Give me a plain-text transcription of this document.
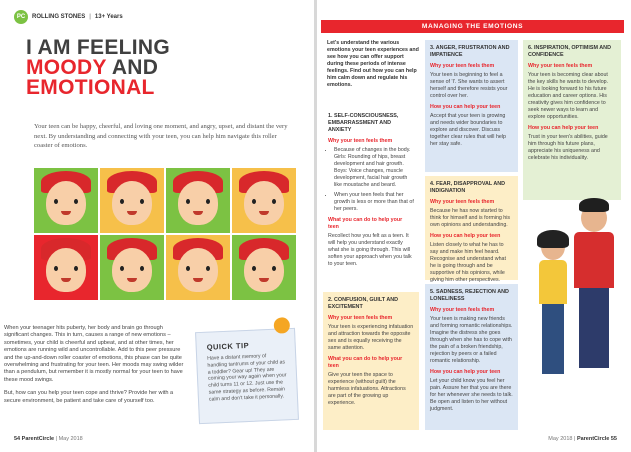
PC	ROLLING STONES | 13+ Years
I AM FEELING
MOODY AND
EMOTIONAL

Your teen can be happy, cheerful, and loving one moment, and angry, upset, and distant the very next. By understanding and connecting with your teen, you can help him navigate this roller coaster of emotions.

When your teenager hits puberty, her body and brain go through significant changes. This in turn, causes a range of new emotions – sometimes, your child is cheerful and upbeat, and at other times, her emotions are running wild and uncontrollable. Add to this peer pressure and the up-and-down roller coaster of emotions, this phase can be quite overwhelming and frustrating for your teen. Her moods may swing wilder than a pendulum, but remember it is mostly normal for your teen to have these mood swings.

But, how can you help your teen cope and thrive? Provide her with a secure environment, be patient and take care of yourself too.

QUICK TIP

Have a distant memory of handling tantrums of your child as a toddler? Gear up! They are coming your way again when your child turns 11 or 12. Just use the same strategy as before. Remain calm and don't take it personally.

54 ParentCircle | May 2018
MANAGING THE EMOTIONS

Let's understand the various emotions your teen experiences and see how you can offer support during these periods of intense feelings. Find out how you can help him calm down and regulate his emotions.

1. SELF-CONSCIOUSNESS, EMBARRASSMENT AND ANXIETY
Why your teen feels them
• Because of changes in the body. Girls: Rounding of hips, breast development and hair growth. Boys: Voice changes, muscle development, facial hair growth like moustache and beard.
• When your teen feels that her growth is less or more than that of her peers.
What you can do to help your teen
Recollect how you felt as a teen. It will help you understand exactly what she is going through. This will soften your approach when you talk to your teen.
2. CONFUSION, GUILT AND EXCITEMENT
Why your teen feels them
Your teen is experiencing infatuation and attraction towards the opposite sex and is equally receiving the same attention.
What you can do to help your teen
Give your teen the space to experience (without guilt) the harmless infatuations. Attractions are part of the growing up experience.
3. ANGER, FRUSTRATION AND IMPATIENCE
Why your teen feels them
Your teen is beginning to feel a sense of 'I'. She wants to assert herself and therefore resists your control over her.
How you can help your teen
Accept that your teen is growing and needs wider boundaries to explore and discover. Discuss together clear rules that will help her stay safe.
4. FEAR, DISAPPROVAL AND INDIGNATION
Why your teen feels them
Because he has now started to think for himself and is forming his own opinions and understanding.
How you can help your teen
Listen closely to what he has to say and make him feel heard. Recognise and understand what he is going through and be supportive of his opinions, while giving him other perspectives.
5. SADNESS, REJECTION AND LONELINESS
Why your teen feels them
Your teen is making new friends and forming romantic relationships. Imagine the distress she goes through when she has to cope with the pain of a broken friendship, rejection by peers or a failed romantic relationship.
How you can help your teen
Let your child know you feel her pain. Assure her that you are there for her whenever she needs to talk. Be open and listen to her without judgment.
6. INSPIRATION, OPTIMISM AND CONFIDENCE
Why your teen feels them
Your teen is becoming clear about the key skills he wants to develop. He is looking forward to his future education and career options. His creativity gives him confidence to seek newer ways to learn and explore opportunities.
How you can help your teen
Trust in your teen's abilities, guide him through his future plans, appreciate his uniqueness and celebrate his individuality.
May 2018 | ParentCircle 55
